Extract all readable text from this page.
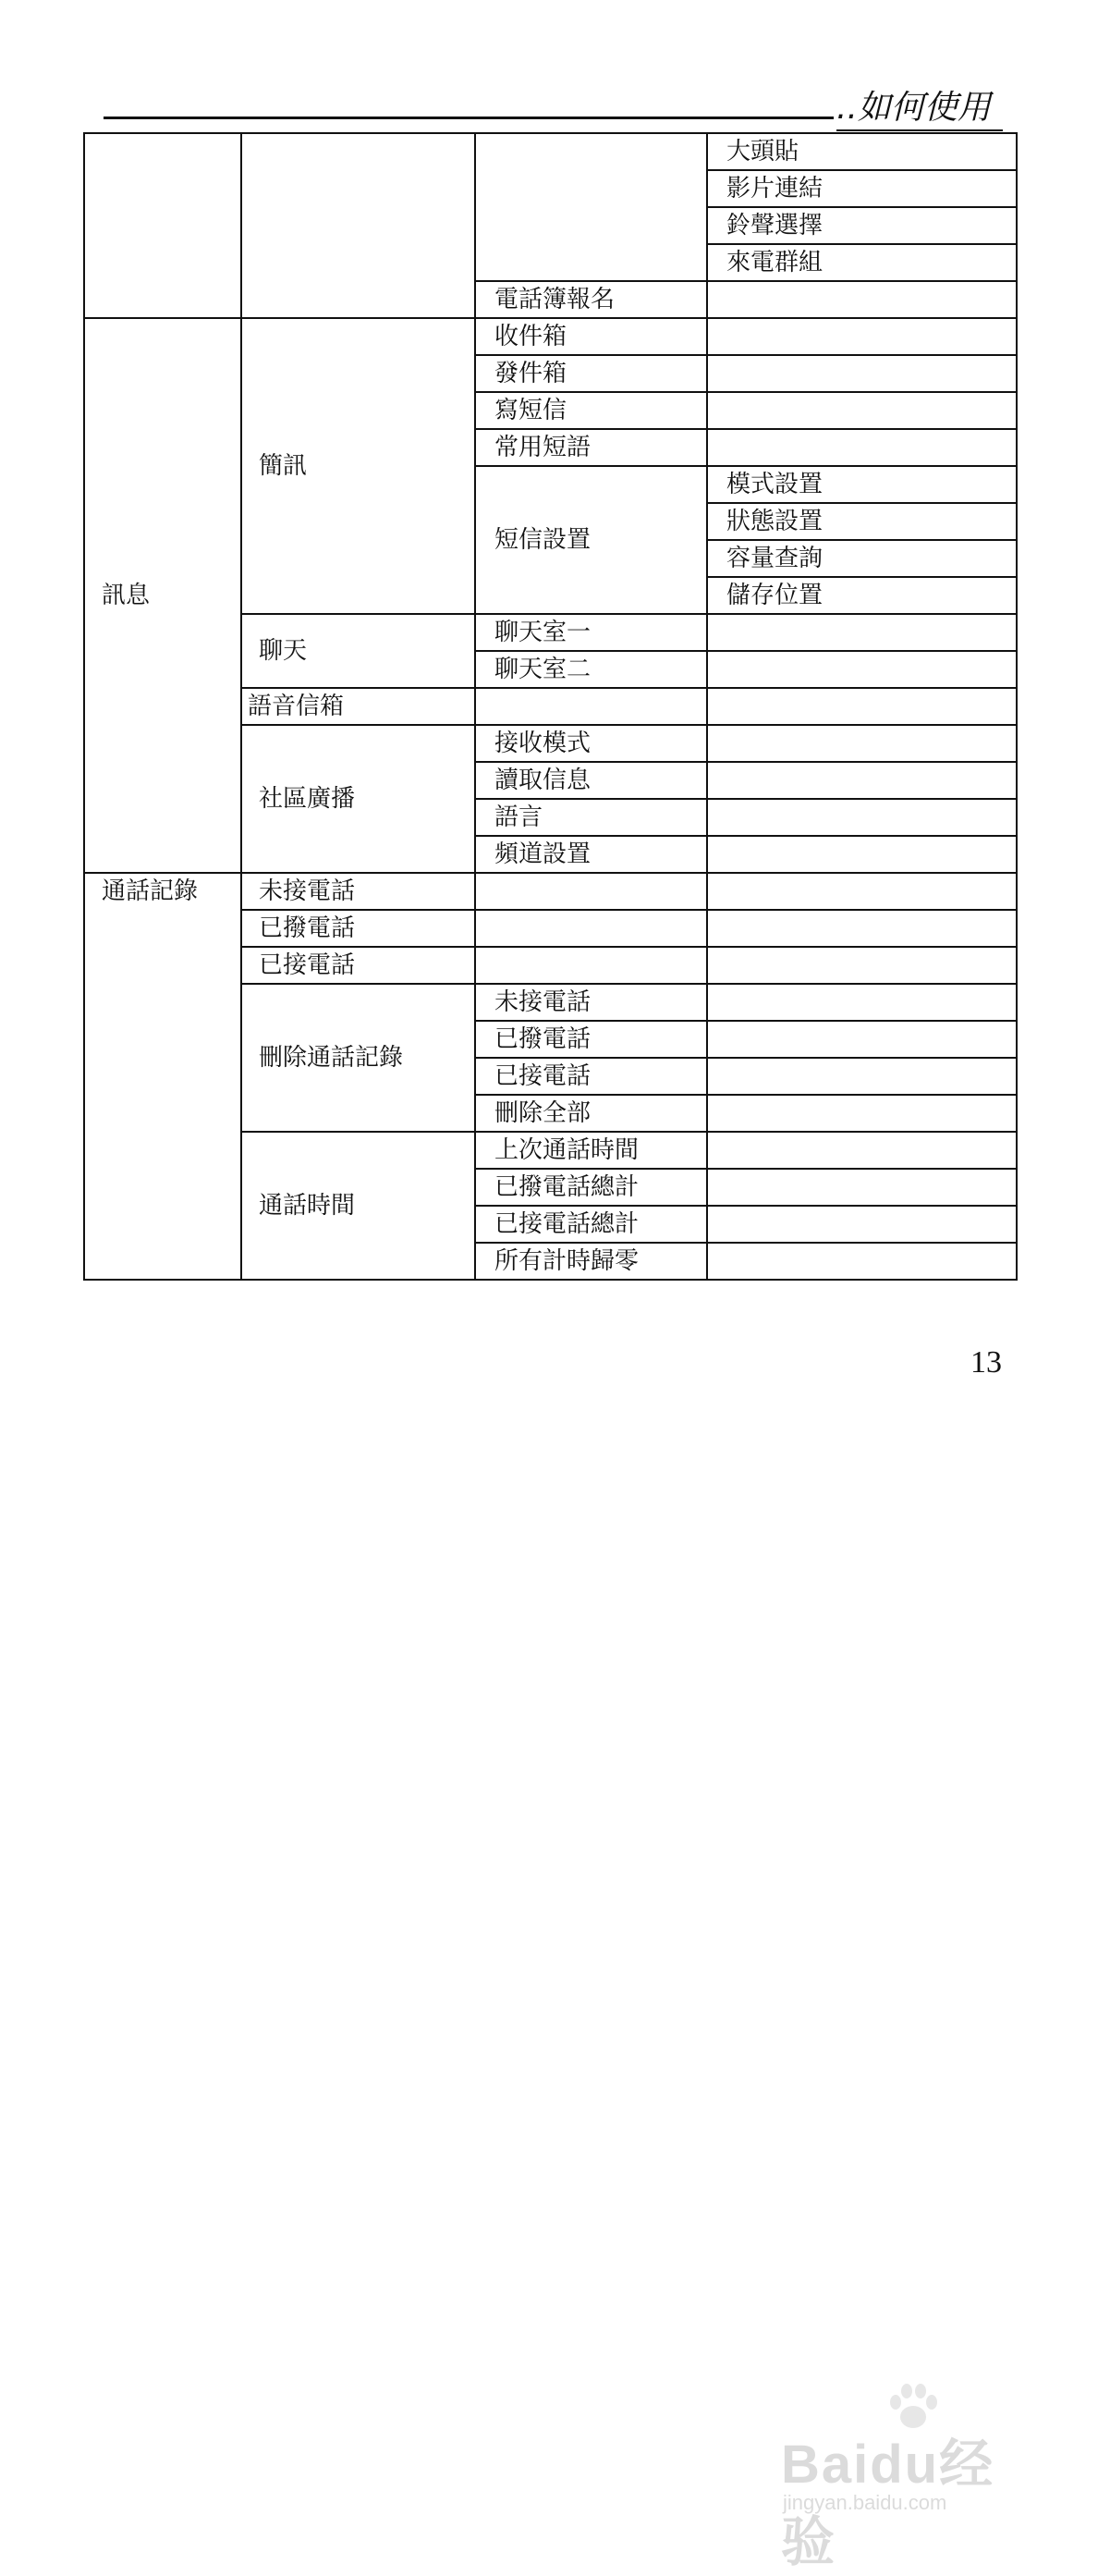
..如何使用
			大頭貼
			影片連結
			鈴聲選擇
			來電群組
		電話簿報名	
訊息	簡訊	收件箱	
		發件箱	
		寫短信	
		常用短語	
		短信設置	模式設置
			狀態設置
			容量查詢
			儲存位置
	聊天	聊天室一	
		聊天室二	
	語音信箱		
	社區廣播	接收模式	
		讀取信息	
		語言	
		頻道設置	
通話記錄	未接電話		
	已撥電話		
	已接電話		
	刪除通話記錄	未接電話	
		已撥電話	
		已接電話	
		刪除全部	
	通話時間	上次通話時間	
		已撥電話總計	
		已接電話總計	
		所有計時歸零	
13
Baidu经验
jingyan.baidu.com
